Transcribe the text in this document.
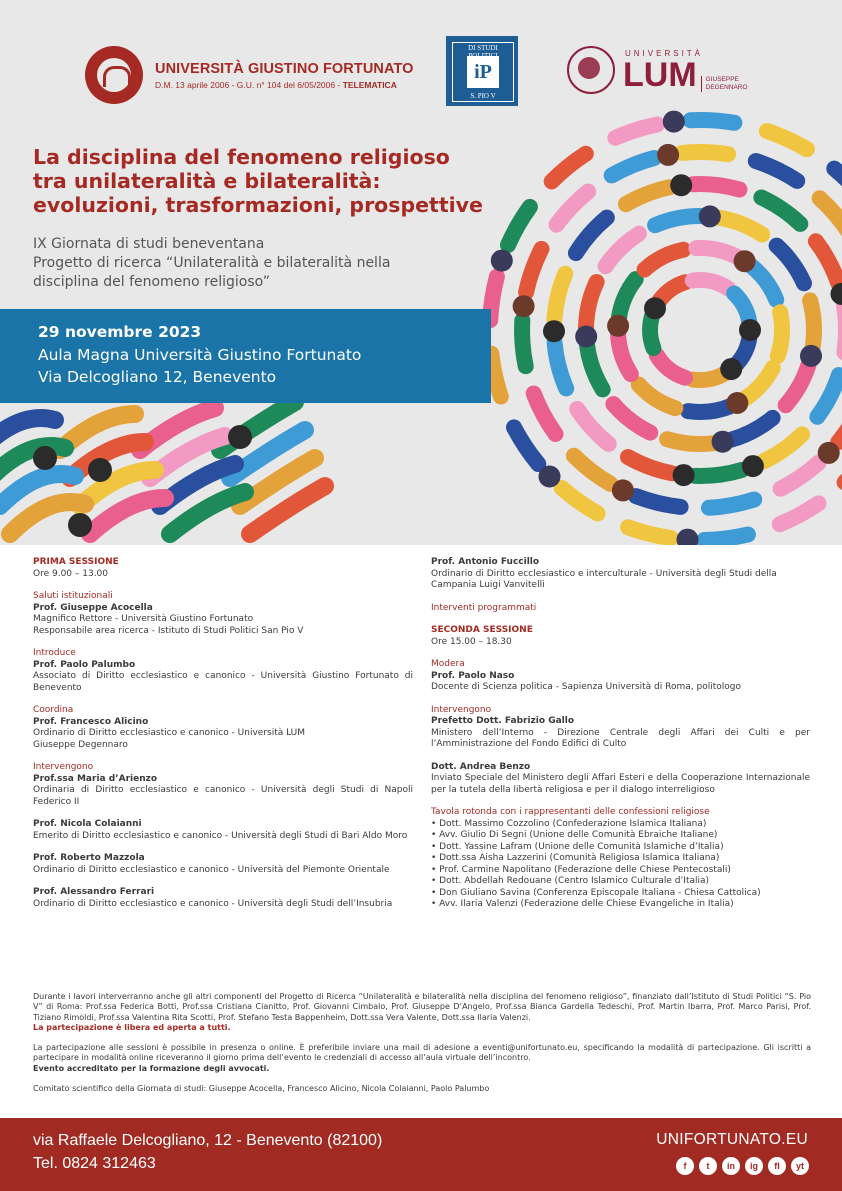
UNIVERSITÀ GIUSTINO FORTUNATO
D.M. 13 aprile 2006 - G.U. n° 104 del 6/05/2006 - TELEMATICA
DI STUDI
iP
S. PIO V
UNIVERSITÀ
LUM GIUSEPPE
DEGENNARO
La disciplina del fenomeno religioso
tra unilateralità e bilateralità:
evoluzioni, trasformazioni, prospettive
IX Giornata di studi beneventana
Progetto di ricerca “Unilateralità e bilateralità nella
disciplina del fenomeno religioso”
29 novembre 2023
Aula Magna Università Giustino Fortunato
Via Delcogliano 12, Benevento
PRIMA SESSIONE
Ore 9.00 – 13.00
Saluti istituzionali
Prof. Giuseppe Acocella
Magnifico Rettore - Università Giustino Fortunato
Responsabile area ricerca - Istituto di Studi Politici San Pio V
Introduce
Prof. Paolo Palumbo
Associato di Diritto ecclesiastico e canonico - Università Giustino Fortunato di Benevento
Coordina
Prof. Francesco Alicino
Ordinario di Diritto ecclesiastico e canonico - Università LUM
Giuseppe Degennaro
Intervengono
Prof.ssa Maria d’Arienzo
Ordinaria di Diritto ecclesiastico e canonico - Università degli Studi di Napoli Federico II
Prof. Nicola Colaianni
Emerito di Diritto ecclesiastico e canonico - Università degli Studi di Bari Aldo Moro
Prof. Roberto Mazzola
Ordinario di Diritto ecclesiastico e canonico - Università del Piemonte Orientale
Prof. Alessandro Ferrari
Ordinario di Diritto ecclesiastico e canonico - Università degli Studi dell’Insubria
Prof. Antonio Fuccillo
Ordinario di Diritto ecclesiastico e interculturale - Università degli Studi della Campania Luigi Vanvitelli
Interventi programmati
SECONDA SESSIONE
Ore 15.00 – 18.30
Modera
Prof. Paolo Naso
Docente di Scienza politica - Sapienza Università di Roma, politologo
Intervengono
Prefetto Dott. Fabrizio Gallo
Ministero dell’Interno - Direzione Centrale degli Affari dei Culti e per l’Amministrazione del Fondo Edifici di Culto
Dott. Andrea Benzo
Inviato Speciale del Ministero degli Affari Esteri e della Cooperazione Internazionale per la tutela della libertà religiosa e per il dialogo interreligioso
Tavola rotonda con i rappresentanti delle confessioni religiose
• Dott. Massimo Cozzolino (Confederazione Islamica Italiana)
• Avv. Giulio Di Segni (Unione delle Comunità Ebraiche Italiane)
• Dott. Yassine Lafram (Unione delle Comunità Islamiche d’Italia)
• Dott.ssa Aisha Lazzerini (Comunità Religiosa Islamica Italiana)
• Prof. Carmine Napolitano (Federazione delle Chiese Pentecostali)
• Dott. Abdellah Redouane (Centro Islamico Culturale d’Italia)
• Don Giuliano Savina (Conferenza Episcopale Italiana - Chiesa Cattolica)
• Avv. Ilaria Valenzi (Federazione delle Chiese Evangeliche in Italia)

Durante i lavori interverranno anche gli altri componenti del Progetto di Ricerca “Unilateralità e bilateralità nella disciplina del fenomeno religioso”, finanziato dall’Istituto di Studi Politici “S. Pio V” di Roma: Prof.ssa Federica Botti, Prof.ssa Cristiana Cianitto, Prof. Giovanni Cimbalo, Prof. Giuseppe D’Angelo, Prof.ssa Bianca Gardella Tedeschi, Prof. Martin Ibarra, Prof. Marco Parisi, Prof. Tiziano Rimoldi, Prof.ssa Valentina Rita Scotti, Prof. Stefano Testa Bappenheim, Dott.ssa Vera Valente, Dott.ssa Ilaria Valenzi.
La partecipazione è libera ed aperta a tutti.

La partecipazione alle sessioni è possibile in presenza o online. È preferibile inviare una mail di adesione a eventi@unifortunato.eu, specificando la modalità di partecipazione. Gli iscritti a partecipare in modalità online riceveranno il giorno prima dell’evento le credenziali di accesso all’aula virtuale dell’incontro.
Evento accreditato per la formazione degli avvocati.

Comitato scientifico della Giornata di studi: Giuseppe Acocella, Francesco Alicino, Nicola Colaianni, Paolo Palumbo

via Raffaele Delcogliano, 12 - Benevento (82100)
Tel. 0824 312463
UNIFORTUNATO.EU
f	t	in	ig	fl	yt
